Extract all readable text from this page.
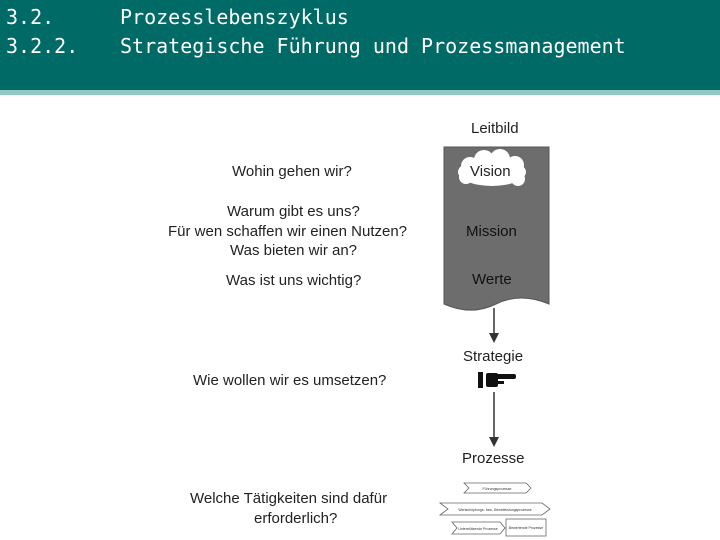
3.2.	Prozesslebenszyklus
3.2.2. Strategische Führung und Prozessmanagement
Führungsprozesse
Wertschöpfungs- bzw. Dienstleistungsprozesse
Unterstützende Prozesse	Bewertende Prozesse
Leitbild
Vision
Mission
Werte
Strategie
Prozesse
Wohin gehen wir?
Warum gibt es uns?
Für wen schaffen wir einen Nutzen?
Was bieten wir an?
Was ist uns wichtig?
Wie wollen wir es umsetzen?
Welche Tätigkeiten sind dafür
erforderlich?
